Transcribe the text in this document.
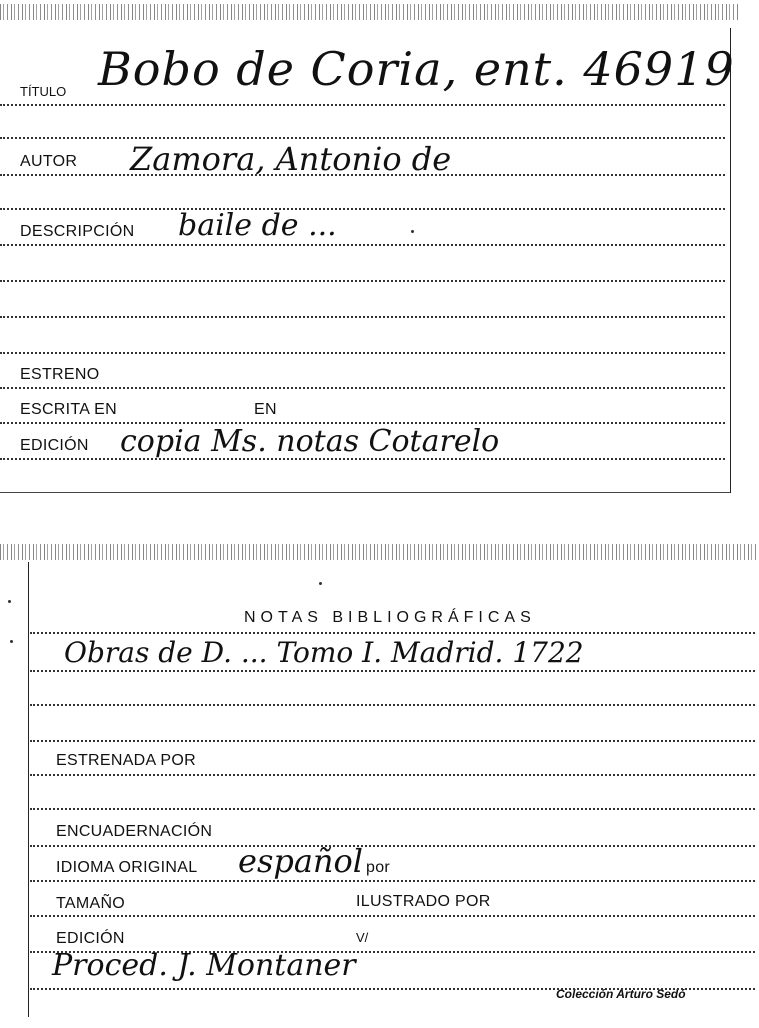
TÍTULO Bobo de Coria, ent. 46919
AUTOR Zamora, Antonio de
DESCRIPCIÓN baile de ...
ESTRENO
ESCRITA EN	EN
EDICIÓN copia Ms. notas Cotarelo
NOTAS BIBLIOGRÁFICAS
Obras de D. ... Tomo I. Madrid. 1722
ESTRENADA POR
ENCUADERNACIÓN
IDIOMA ORIGINAL español por
TAMAÑO	ILUSTRADO POR
EDICIÓN	V/
Proced. J. Montaner
Colección Arturo Sedó
